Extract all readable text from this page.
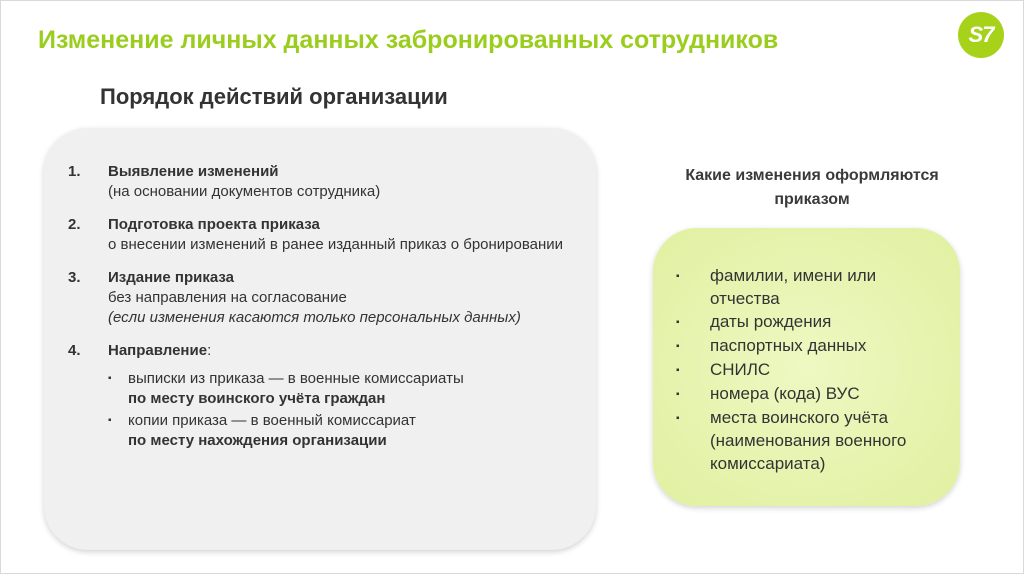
Изменение личных данных забронированных сотрудников	S7
Порядок действий организации
1.	Выявление изменений
(на основании документов сотрудника)
2.	Подготовка проекта приказа
о внесении изменений в ранее изданный приказ о бронировании
3.	Издание приказа
без направления на согласование
(если изменения касаются только персональных данных)
4.	Направление:
▪	выписки из приказа — в военные комиссариаты
по месту воинского учёта граждан
▪	копии приказа — в военный комиссариат
по месту нахождения организации
Какие изменения оформляются приказом
▪	фамилии, имени или отчества
▪	даты рождения
▪	паспортных данных
▪	СНИЛС
▪	номера (кода) ВУС
▪	места воинского учёта (наименования военного комиссариата)
